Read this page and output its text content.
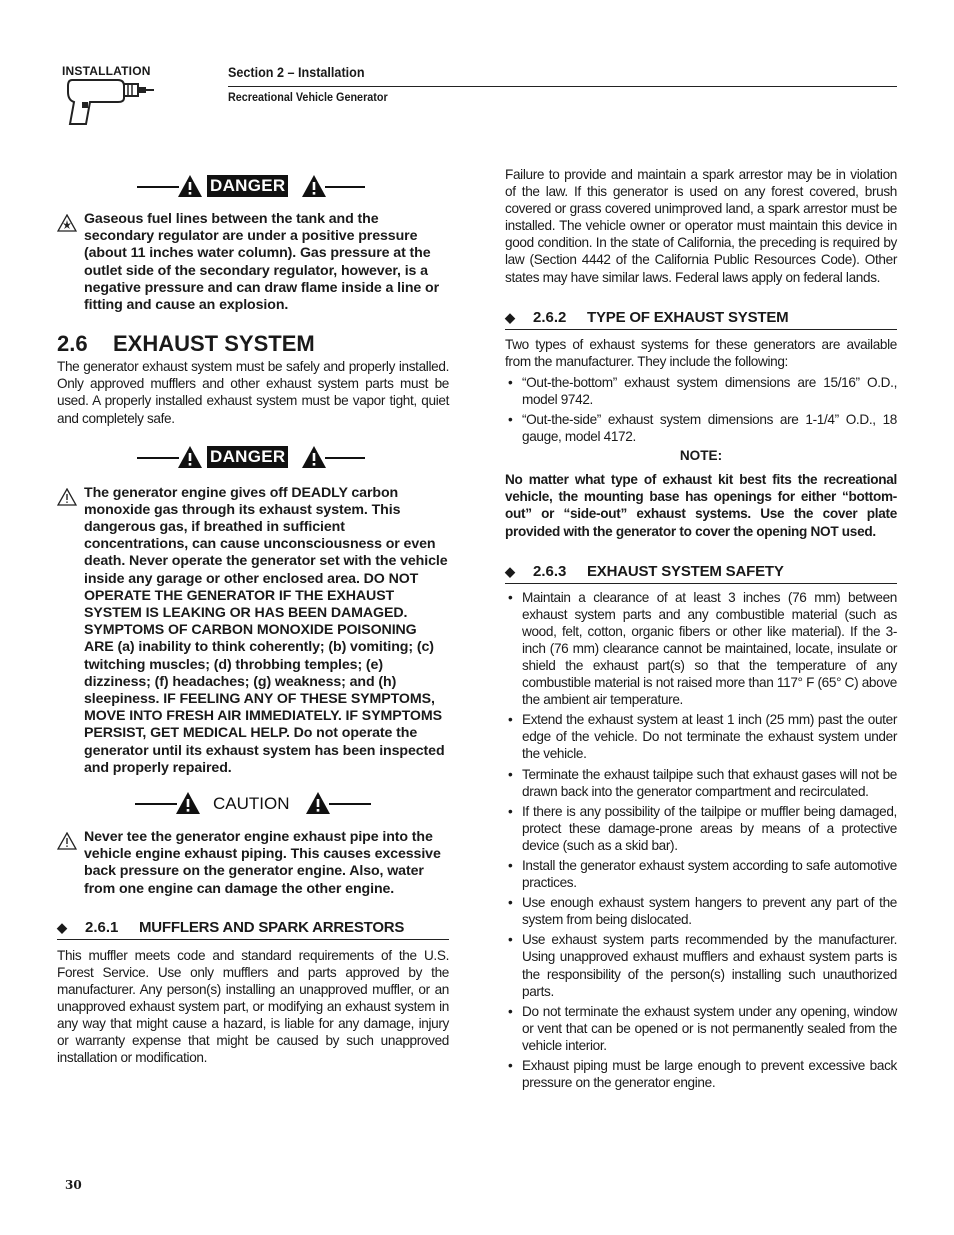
INSTALLATION	Section 2 – Installation
Recreational Vehicle Generator
DANGER

Gaseous fuel lines between the tank and the secondary regulator are under a positive pressure (about 11 inches water column). Gas pressure at the outlet side of the secondary regulator, however, is a negative pressure and can draw flame inside a line or fitting and cause an explosion.

2.6 EXHAUST SYSTEM

The generator exhaust system must be safely and properly installed. Only approved mufflers and other exhaust system parts must be used. A properly installed exhaust system must be vapor tight, quiet and completely safe.

DANGER

The generator engine gives off DEADLY carbon monoxide gas through its exhaust system. This dangerous gas, if breathed in sufficient concentrations, can cause unconsciousness or even death. Never operate the generator set with the vehicle inside any garage or other enclosed area. DO NOT OPERATE THE GENERATOR IF THE EXHAUST SYSTEM IS LEAKING OR HAS BEEN DAMAGED. SYMPTOMS OF CARBON MONOXIDE POISONING ARE (a) inability to think coherently; (b) vomiting; (c) twitching muscles; (d) throbbing temples; (e) dizziness; (f) headaches; (g) weakness; and (h) sleepiness. IF FEELING ANY OF THESE SYMPTOMS, MOVE INTO FRESH AIR IMMEDIATELY. IF SYMPTOMS PERSIST, GET MEDICAL HELP. Do not operate the generator until its exhaust system has been inspected and properly repaired.

CAUTION

Never tee the generator engine exhaust pipe into the vehicle engine exhaust piping. This causes excessive back pressure on the generator engine. Also, water from one engine can damage the other engine.

◆ 2.6.1 MUFFLERS AND SPARK ARRESTORS

This muffler meets code and standard requirements of the U.S. Forest Service. Use only mufflers and parts approved by the manufacturer. Any person(s) installing an unapproved muffler, or an unapproved exhaust system part, or modifying an exhaust system in any way that might cause a hazard, is liable for any damage, injury or warranty expense that might be caused by such unapproved installation or modification.

Failure to provide and maintain a spark arrestor may be in violation of the law. If this generator is used on any forest covered, brush covered or grass covered unimproved land, a spark arrestor must be installed. The vehicle owner or operator must maintain this device in good condition. In the state of California, the preceding is required by law (Section 4442 of the California Public Resources Code). Other states may have similar laws. Federal laws apply on federal lands.

◆ 2.6.2 TYPE OF EXHAUST SYSTEM

Two types of exhaust systems for these generators are available from the manufacturer. They include the following:

• “Out-the-bottom” exhaust system dimensions are 15/16” O.D., model 9742.
• “Out-the-side” exhaust system dimensions are 1-1/4” O.D., 18 gauge, model 4172.

NOTE:

No matter what type of exhaust kit best fits the recreational vehicle, the mounting base has openings for either “bottom-out” or “side-out” exhaust systems. Use the cover plate provided with the generator to cover the opening NOT used.

◆ 2.6.3 EXHAUST SYSTEM SAFETY
• Maintain a clearance of at least 3 inches (76 mm) between exhaust system parts and any combustible material (such as wood, felt, cotton, organic fibers or other like material). If the 3-inch (76 mm) clearance cannot be maintained, locate, insulate or shield the exhaust part(s) so that the temperature of any combustible material is not raised more than 117° F (65° C) above the ambient air temperature.
• Extend the exhaust system at least 1 inch (25 mm) past the outer edge of the vehicle. Do not terminate the exhaust system under the vehicle.
• Terminate the exhaust tailpipe such that exhaust gases will not be drawn back into the generator compartment and recirculated.
• If there is any possibility of the tailpipe or muffler being damaged, protect these damage-prone areas by means of a protective device (such as a skid bar).
• Install the generator exhaust system according to safe automotive practices.
• Use enough exhaust system hangers to prevent any part of the system from being dislocated.
• Use exhaust system parts recommended by the manufacturer. Using unapproved exhaust mufflers and exhaust system parts is the responsibility of the person(s) installing such unauthorized parts.
• Do not terminate the exhaust system under any opening, window or vent that can be opened or is not permanently sealed from the vehicle interior.
• Exhaust piping must be large enough to prevent excessive back pressure on the generator engine.
30
